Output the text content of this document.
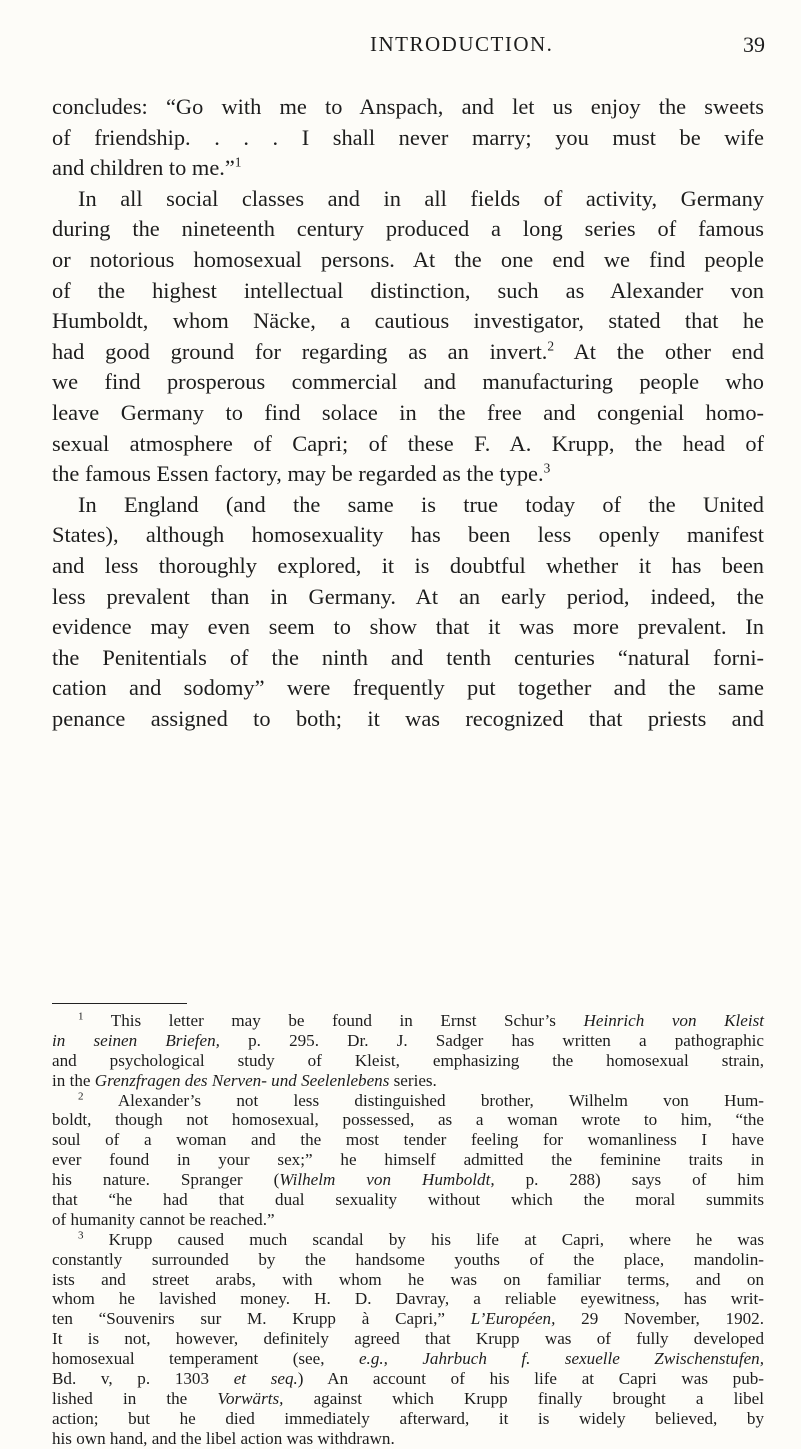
INTRODUCTION.	39
concludes: “Go with me to Anspach, and let us enjoy the sweets
of friendship. . . . I shall never marry; you must be wife
and children to me.”$^1$
In all social classes and in all fields of activity, Germany
during the nineteenth century produced a long series of famous
or notorious homosexual persons. At the one end we find people
of the highest intellectual distinction, such as Alexander von
Humboldt, whom Näcke, a cautious investigator, stated that he
had good ground for regarding as an invert.$^2$ At the other end
we find prosperous commercial and manufacturing people who
leave Germany to find solace in the free and congenial homo-
sexual atmosphere of Capri; of these F. A. Krupp, the head of
the famous Essen factory, may be regarded as the type.$^3$
In England (and the same is true today of the United
States), although homosexuality has been less openly manifest
and less thoroughly explored, it is doubtful whether it has been
less prevalent than in Germany. At an early period, indeed, the
evidence may even seem to show that it was more prevalent. In
the Penitentials of the ninth and tenth centuries “natural forni-
cation and sodomy” were frequently put together and the same
penance assigned to both; it was recognized that priests and
$^1$ This letter may be found in Ernst Schur’s Heinrich von Kleist
in seinen Briefen, p. 295. Dr. J. Sadger has written a pathographic
and psychological study of Kleist, emphasizing the homosexual strain,
in the Grenzfragen des Nerven- und Seelenlebens series.
$^2$ Alexander’s not less distinguished brother, Wilhelm von Hum-
boldt, though not homosexual, possessed, as a woman wrote to him, “the
soul of a woman and the most tender feeling for womanliness I have
ever found in your sex;” he himself admitted the feminine traits in
his nature. Spranger (Wilhelm von Humboldt, p. 288) says of him
that “he had that dual sexuality without which the moral summits
of humanity cannot be reached.”
$^3$ Krupp caused much scandal by his life at Capri, where he was
constantly surrounded by the handsome youths of the place, mandolin-
ists and street arabs, with whom he was on familiar terms, and on
whom he lavished money. H. D. Davray, a reliable eyewitness, has writ-
ten “Souvenirs sur M. Krupp à Capri,” L’Européen, 29 November, 1902.
It is not, however, definitely agreed that Krupp was of fully developed
homosexual temperament (see, e.g., Jahrbuch f. sexuelle Zwischenstufen,
Bd. v, p. 1303 et seq.) An account of his life at Capri was pub-
lished in the Vorwärts, against which Krupp finally brought a libel
action; but he died immediately afterward, it is widely believed, by
his own hand, and the libel action was withdrawn.
